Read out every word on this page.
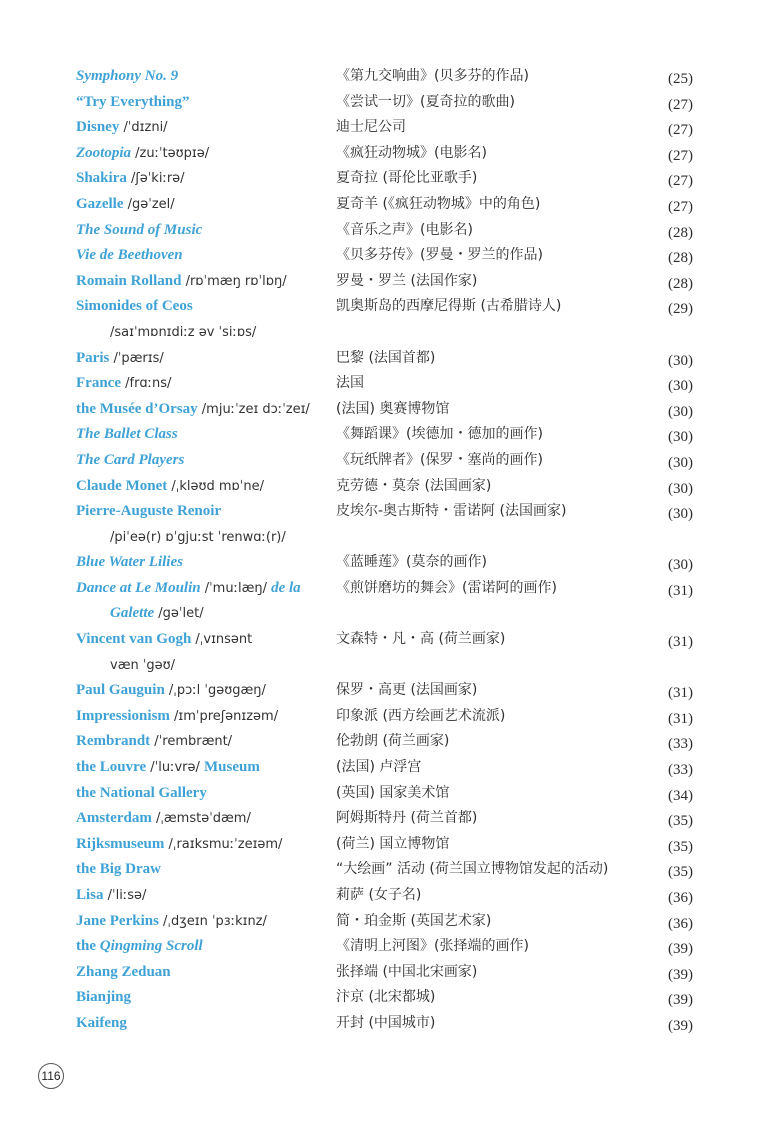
Symphony No. 9	《第九交响曲》(贝多芬的作品)	(25)
“Try Everything”	《尝试一切》(夏奇拉的歌曲)	(27)
Disney /ˈdɪzni/	迪士尼公司	(27)
Zootopia /zuːˈtəʊpɪə/	《疯狂动物城》(电影名)	(27)
Shakira /ʃəˈkiːrə/	夏奇拉 (哥伦比亚歌手)	(27)
Gazelle /gəˈzel/	夏奇羊 (《疯狂动物城》中的角色)	(27)
The Sound of Music	《音乐之声》(电影名)	(28)
Vie de Beethoven	《贝多芬传》(罗曼・罗兰的作品)	(28)
Romain Rolland /rɒˈmæŋ rɒˈlɒŋ/	罗曼・罗兰 (法国作家)	(28)
Simonides of Ceos	凯奥斯岛的西摩尼得斯 (古希腊诗人)	(29)
/saɪˈmɒnɪdiːz əv ˈsiːɒs/
Paris /ˈpærɪs/	巴黎 (法国首都)	(30)
France /frɑːns/	法国	(30)
the Musée d’Orsay /mjuːˈzeɪ dɔːˈzeɪ/ (法国) 奥赛博物馆	(30)
The Ballet Class	《舞蹈课》(埃德加・德加的画作)	(30)
The Card Players	《玩纸牌者》(保罗・塞尚的画作)	(30)
Claude Monet /ˌkləʊd mɒˈne/	克劳德・莫奈 (法国画家)	(30)
Pierre-Auguste Renoir	皮埃尔-奥古斯特・雷诺阿 (法国画家)	(30)
/piˈeə(r) ɒˈgjuːst ˈrenwɑː(r)/
Blue Water Lilies	《蓝睡莲》(莫奈的画作)	(30)
Dance at Le Moulin /ˈmuːlæŋ/ de la	《煎饼磨坊的舞会》(雷诺阿的画作)	(31)
Galette /gəˈlet/
Vincent van Gogh /ˌvɪnsənt	文森特・凡・高 (荷兰画家)	(31)
væn ˈgəʊ/
Paul Gauguin /ˌpɔːl ˈgəʊgæŋ/	保罗・高更 (法国画家)	(31)
Impressionism /ɪmˈpreʃənɪzəm/	印象派 (西方绘画艺术流派)	(31)
Rembrandt /ˈrembrænt/	伦勃朗 (荷兰画家)	(33)
the Louvre /ˈluːvrə/ Museum	(法国) 卢浮宫	(33)
the National Gallery	(英国) 国家美术馆	(34)
Amsterdam /ˌæmstəˈdæm/	阿姆斯特丹 (荷兰首都)	(35)
Rijksmuseum /ˌraɪksmuːˈzeɪəm/	(荷兰) 国立博物馆	(35)
the Big Draw	“大绘画” 活动 (荷兰国立博物馆发起的活动)	(35)
Lisa /ˈliːsə/	莉萨 (女子名)	(36)
Jane Perkins /ˌdʒeɪn ˈpɜːkɪnz/	简・珀金斯 (英国艺术家)	(36)
the Qingming Scroll	《清明上河图》(张择端的画作)	(39)
Zhang Zeduan	张择端 (中国北宋画家)	(39)
Bianjing	汴京 (北宋都城)	(39)
Kaifeng	开封 (中国城市)	(39)
116
